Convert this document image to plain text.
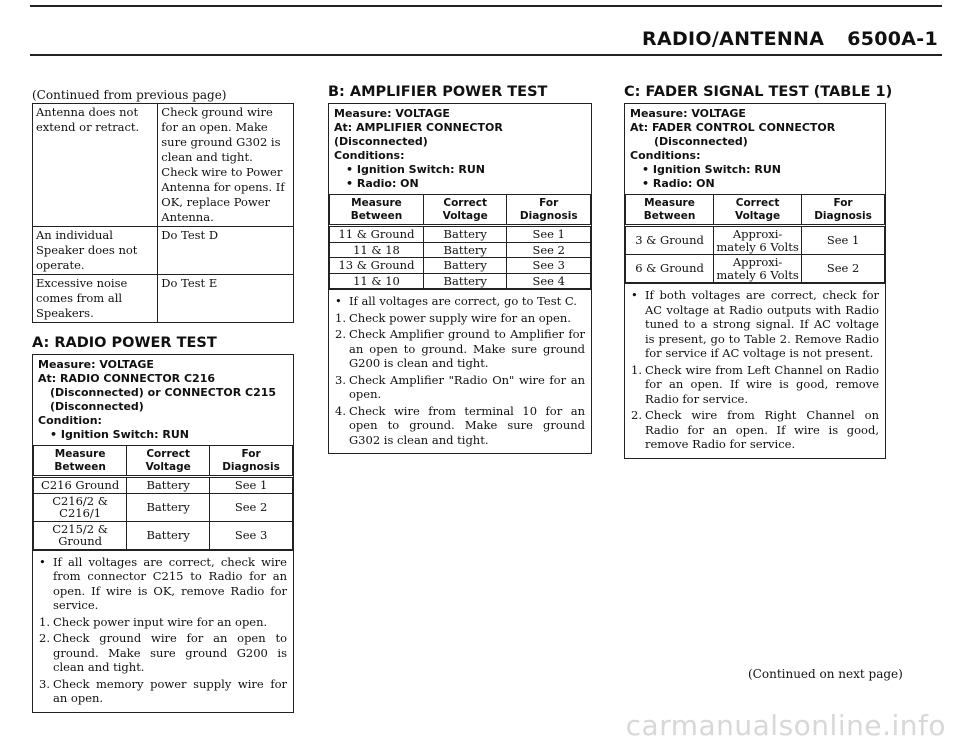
RADIO/ANTENNA 6500A-1
(Continued from previous page)
Antenna does not extend or retract.	Check ground wire for an open. Make sure ground G302 is clean and tight. Check wire to Power Antenna for opens. If OK, replace Power Antenna.
An individual Speaker does not operate.	Do Test D
Excessive noise comes from all Speakers.	Do Test E
A: RADIO POWER TEST
Measure: VOLTAGE
At: RADIO CONNECTOR C216
(Disconnected) or CONNECTOR C215
(Disconnected)
Condition:
• Ignition Switch: RUN
Measure Between	Correct Voltage	For Diagnosis
C216 Ground	Battery	See 1
C216/2 & C216/1	Battery	See 2
C215/2 & Ground	Battery	See 3
• If all voltages are correct, check wire from connector C215 to Radio for an open. If wire is OK, remove Radio for service.
1. Check power input wire for an open.
2. Check ground wire for an open to ground. Make sure ground G200 is clean and tight.
3. Check memory power supply wire for an open.
B: AMPLIFIER POWER TEST
Measure: VOLTAGE
At: AMPLIFIER CONNECTOR (Disconnected)
Conditions:
• Ignition Switch: RUN
• Radio: ON
Measure Between	Correct Voltage	For Diagnosis
11 & Ground	Battery	See 1
11 & 18	Battery	See 2
13 & Ground	Battery	See 3
11 & 10	Battery	See 4
• If all voltages are correct, go to Test C.
1. Check power supply wire for an open.
2. Check Amplifier ground to Amplifier for an open to ground. Make sure ground G200 is clean and tight.
3. Check Amplifier "Radio On" wire for an open.
4. Check wire from terminal 10 for an open to ground. Make sure ground G302 is clean and tight.
C: FADER SIGNAL TEST (TABLE 1)
Measure: VOLTAGE
At: FADER CONTROL CONNECTOR
(Disconnected)
Conditions:
• Ignition Switch: RUN
• Radio: ON
Measure Between	Correct Voltage	For Diagnosis
3 & Ground	Approxi-mately 6 Volts	See 1
6 & Ground	Approxi-mately 6 Volts	See 2
• If both voltages are correct, check for AC voltage at Radio outputs with Radio tuned to a strong signal. If AC voltage is present, go to Table 2. Remove Radio for service if AC voltage is not present.
1. Check wire from Left Channel on Radio for an open. If wire is good, remove Radio for service.
2. Check wire from Right Channel on Radio for an open. If wire is good, remove Radio for service.
(Continued on next page)
carmanualsonline.info
